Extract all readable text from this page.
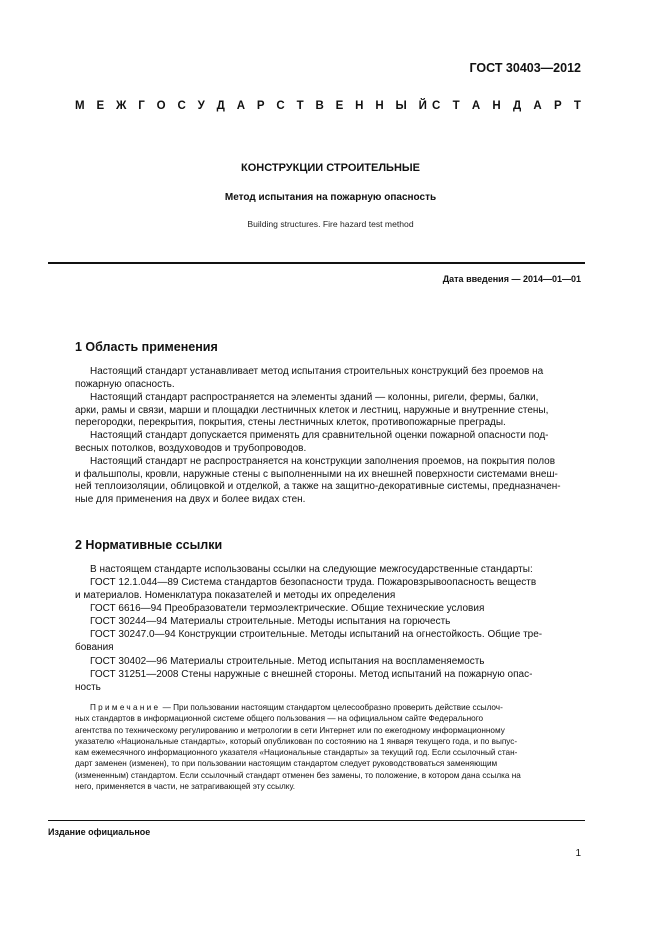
ГОСТ 30403—2012
М Е Ж Г О С У Д А Р С Т В Е Н Н Ы Й С Т А Н Д А Р Т
КОНСТРУКЦИИ СТРОИТЕЛЬНЫЕ
Метод испытания на пожарную опасность
Building structures. Fire hazard test method
Дата введения — 2014—01—01
1 Область применения

Настоящий стандарт устанавливает метод испытания строительных конструкций без проемов на
пожарную опасность.

Настоящий стандарт распространяется на элементы зданий — колонны, ригели, фермы, балки,
арки, рамы и связи, марши и площадки лестничных клеток и лестниц, наружные и внутренние стены,
перегородки, перекрытия, покрытия, стены лестничных клеток, противопожарные преграды.

Настоящий стандарт допускается применять для сравнительной оценки пожарной опасности под-
весных потолков, воздуховодов и трубопроводов.

Настоящий стандарт не распространяется на конструкции заполнения проемов, на покрытия полов
и фальшполы, кровли, наружные стены с выполненными на их внешней поверхности системами внеш-
ней теплоизоляции, облицовкой и отделкой, а также на защитно-декоративные системы, предназначен-
ные для применения на двух и более видах стен.

2 Нормативные ссылки

В настоящем стандарте использованы ссылки на следующие межгосударственные стандарты:

ГОСТ 12.1.044—89 Система стандартов безопасности труда. Пожаровзрывоопасность веществ
и материалов. Номенклатура показателей и методы их определения

ГОСТ 6616—94 Преобразователи термоэлектрические. Общие технические условия

ГОСТ 30244—94 Материалы строительные. Методы испытания на горючесть

ГОСТ 30247.0—94 Конструкции строительные. Методы испытаний на огнестойкость. Общие тре-
бования

ГОСТ 30402—96 Материалы строительные. Метод испытания на воспламеняемость

ГОСТ 31251—2008 Стены наружные с внешней стороны. Метод испытаний на пожарную опас-
ность

Примечание — При пользовании настоящим стандартом целесообразно проверить действие ссылоч-
ных стандартов в информационной системе общего пользования — на официальном сайте Федерального
агентства по техническому регулированию и метрологии в сети Интернет или по ежегодному информационному
указателю «Национальные стандарты», который опубликован по состоянию на 1 января текущего года, и по выпус-
кам ежемесячного информационного указателя «Национальные стандарты» за текущий год. Если ссылочный стан-
дарт заменен (изменен), то при пользовании настоящим стандартом следует руководствоваться заменяющим
(измененным) стандартом. Если ссылочный стандарт отменен без замены, то положение, в котором дана ссылка на
него, применяется в части, не затрагивающей эту ссылку.

Издание официальное
1
